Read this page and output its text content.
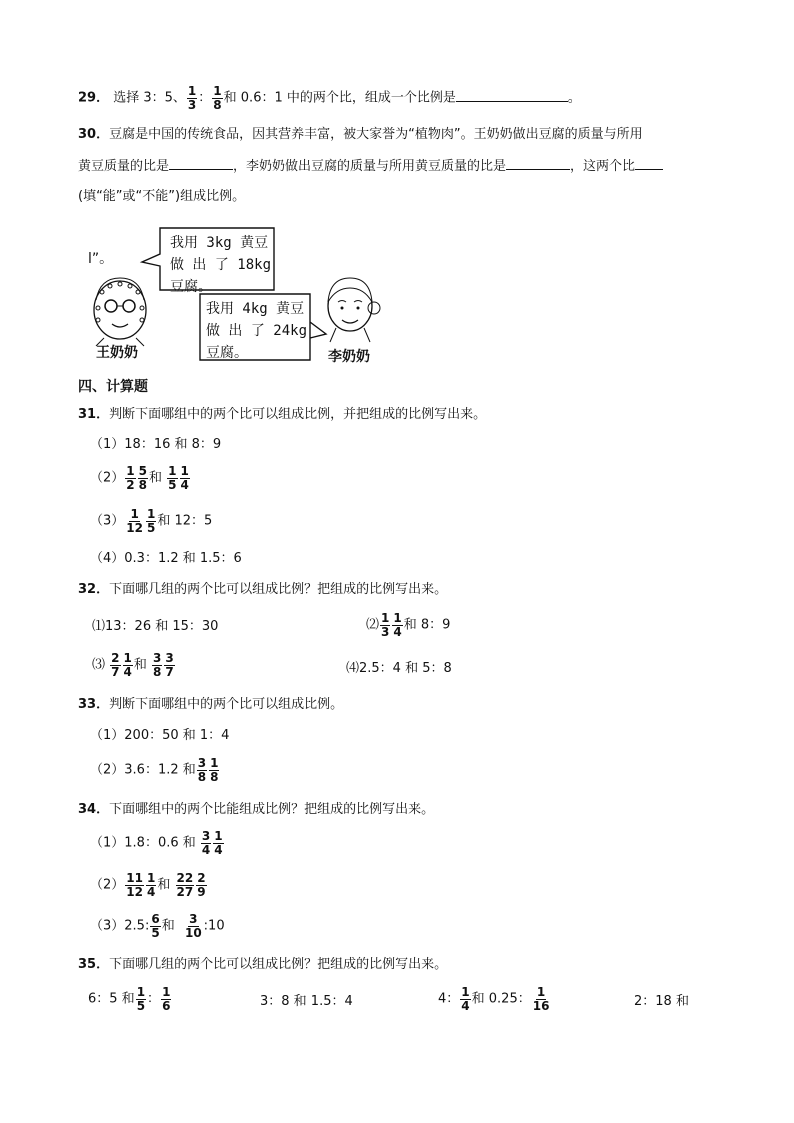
29． 选择 3：5、 $\frac{1}{3}$ ： $\frac{1}{8}$ 和 0.6：1 中的两个比，组成一个比例是	。
30．豆腐是中国的传统食品，因其营养丰富，被大家誉为“植物肉”。王奶奶做出豆腐的质量与所用
黄豆质量的比是	，李奶奶做出豆腐的质量与所用黄豆质量的比是	，这两个比
(填“能”或“不能”)组成比例。
l”。
我用 3kg 黄豆
做 出 了 18kg
豆腐。
我用 4kg 黄豆
做 出 了 24kg
豆腐。
王奶奶	李奶奶
四、计算题
31．判断下面哪组中的两个比可以组成比例，并把组成的比例写出来。
（1）18：16 和 8：9
$(2) \frac{1}{2} \frac{5}{8}$ 和 $\frac{1}{5} \frac{1}{4}$
$(3) \frac{1}{12} \frac{1}{5}$ 和 12：5
（4）0.3：1.2 和 1.5：6
32．下面哪几组的两个比可以组成比例？把组成的比例写出来。
⑴13：26 和 15：30	⑵ $\frac{1}{3} \frac{1}{4}$ 和 8：9
⑶ $\frac{2}{7} \frac{1}{4}$ 和 $\frac{3}{8} \frac{3}{7}$	⑷2.5：4 和 5：8
33．判断下面哪组中的两个比可以组成比例。
（1）200：50 和 1：4
（2）3.6：1.2 和 $\frac{3}{8} \frac{1}{8}$
34．下面哪组中的两个比能组成比例？把组成的比例写出来。
（1）1.8：0.6 和 $\frac{3}{4} \frac{1}{4}$
$(2) \frac{11}{12} \frac{1}{4}$ 和 $\frac{22}{27} \frac{2}{9}$
（3）2.5: $\frac{6}{5}$ 和 $\frac{3}{10}$ :10
35．下面哪几组的两个比可以组成比例？把组成的比例写出来。
6：5 和 $\frac{1}{5}$ ： $\frac{1}{6}$	3：8 和 1.5：4	4： $\frac{1}{4}$ 和 0.25： $\frac{1}{16}$	2：18 和
